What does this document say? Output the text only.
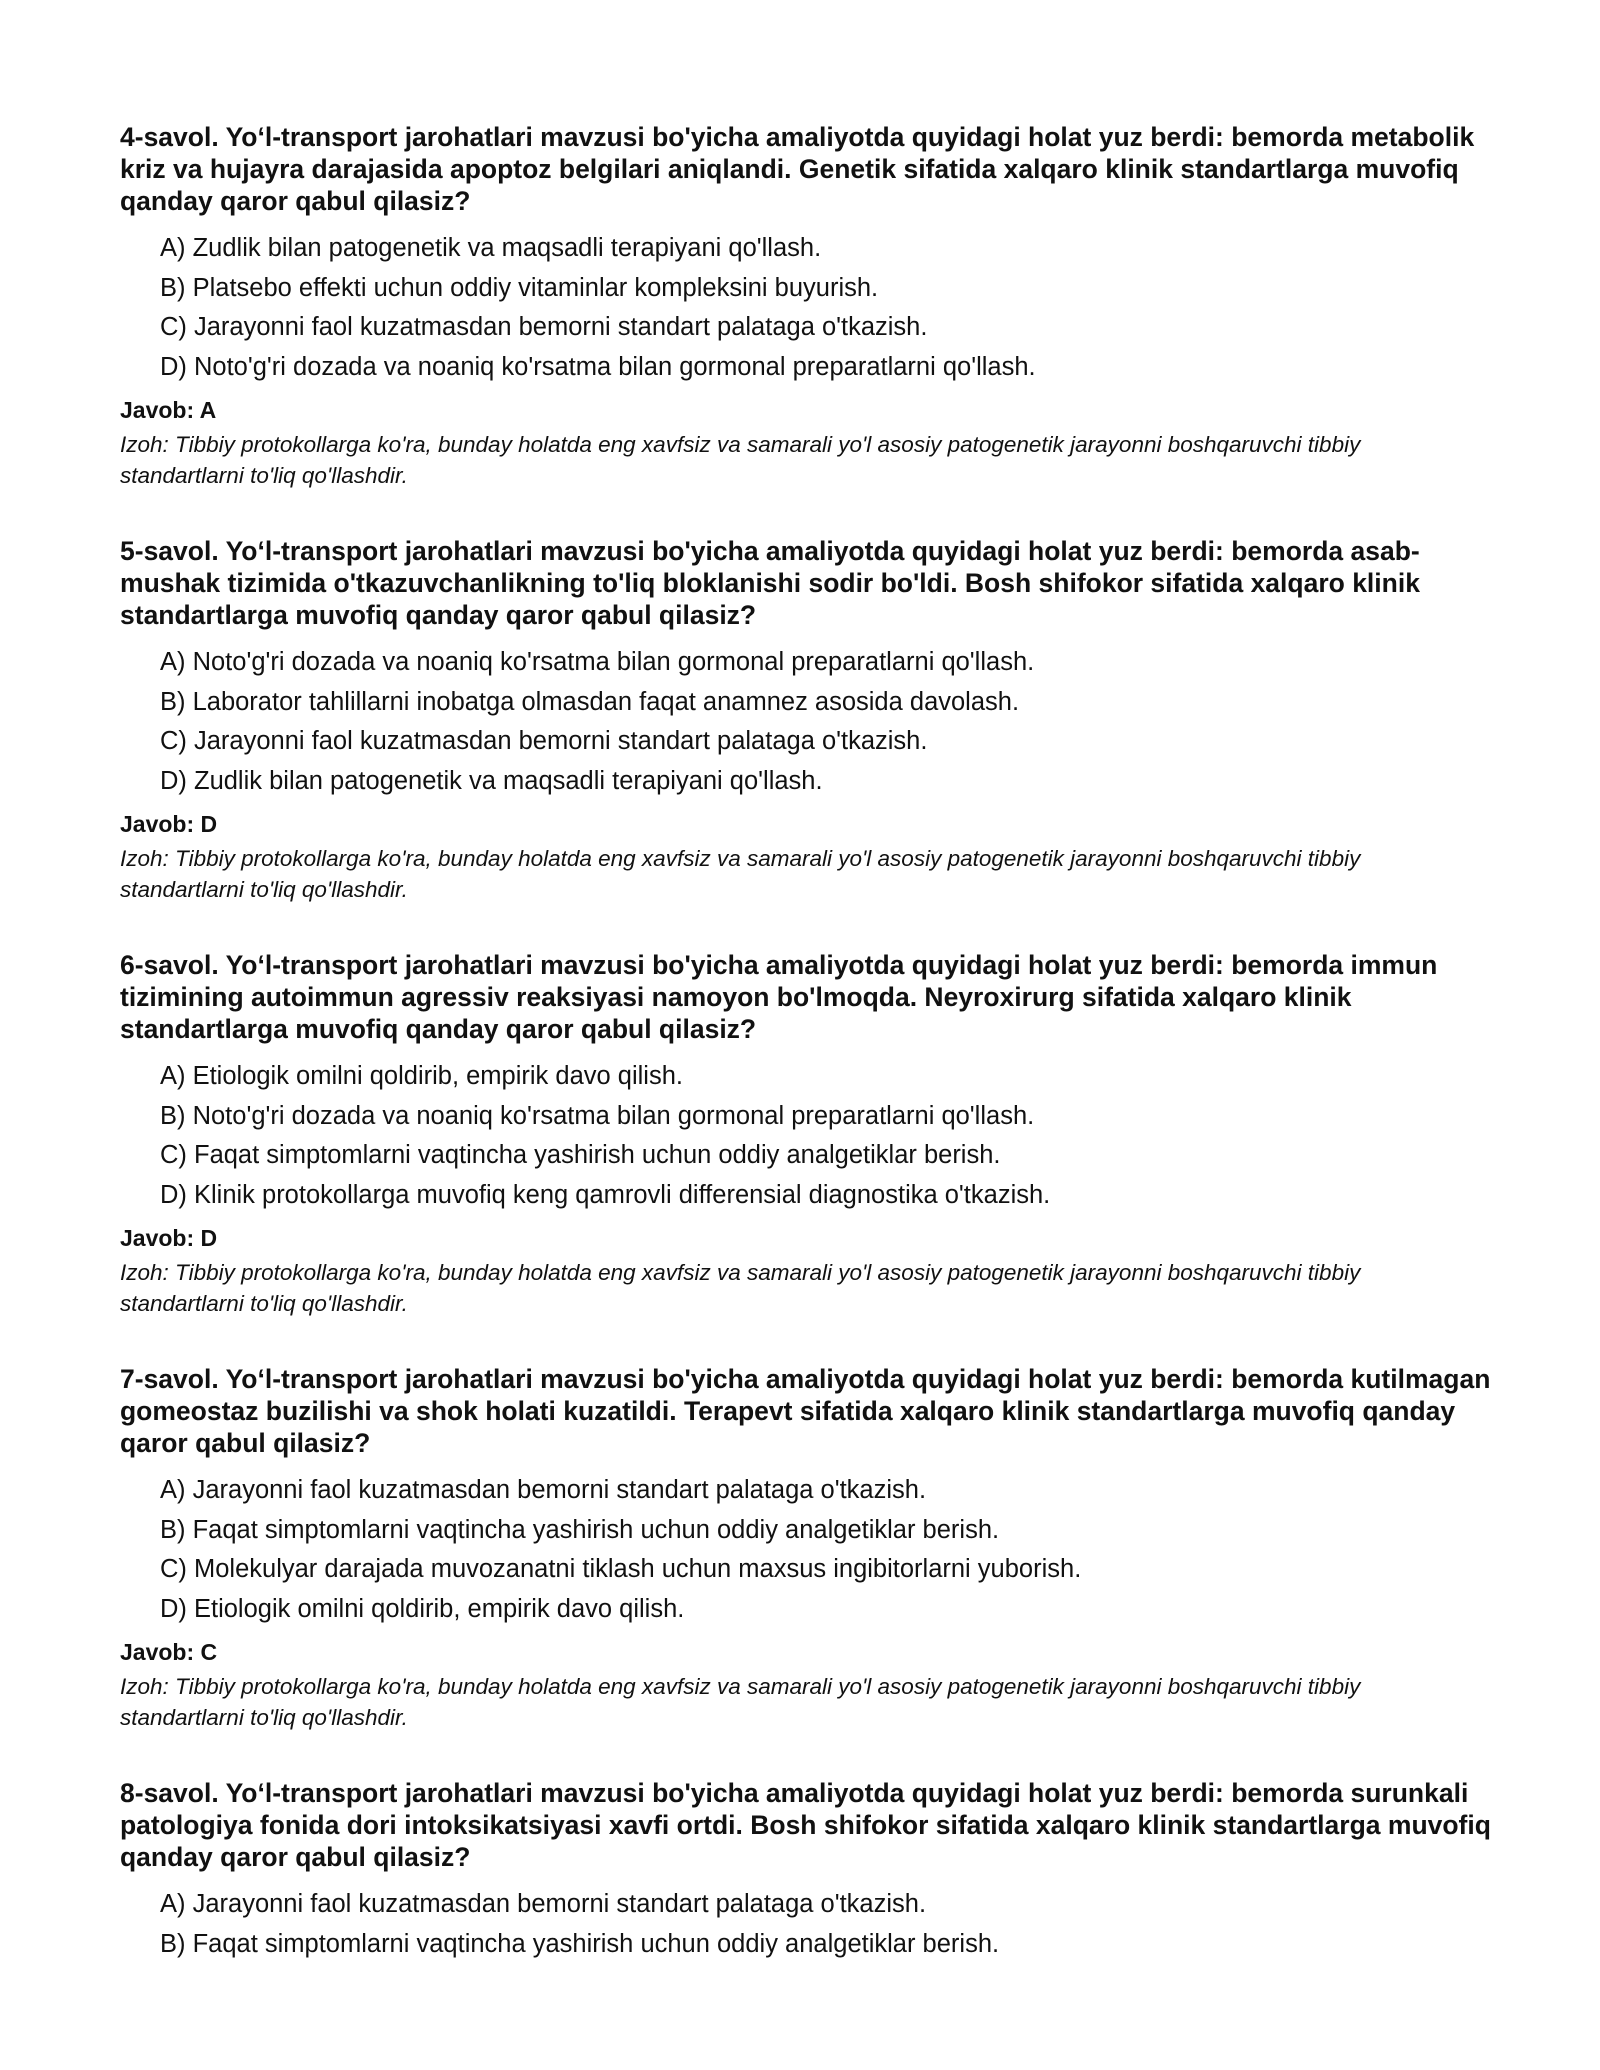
4-savol. Yo‘l-transport jarohatlari mavzusi bo'yicha amaliyotda quyidagi holat yuz berdi: bemorda metabolik kriz va hujayra darajasida apoptoz belgilari aniqlandi. Genetik sifatida xalqaro klinik standartlarga muvofiq qanday qaror qabul qilasiz?

A) Zudlik bilan patogenetik va maqsadli terapiyani qo'llash.
B) Platsebo effekti uchun oddiy vitaminlar kompleksini buyurish.
C) Jarayonni faol kuzatmasdan bemorni standart palataga o'tkazish.
D) Noto'g'ri dozada va noaniq ko'rsatma bilan gormonal preparatlarni qo'llash.
Javob: A
Izoh: Tibbiy protokollarga ko'ra, bunday holatda eng xavfsiz va samarali yo'l asosiy patogenetik jarayonni boshqaruvchi tibbiy standartlarni to'liq qo'llashdir.

5-savol. Yo‘l-transport jarohatlari mavzusi bo'yicha amaliyotda quyidagi holat yuz berdi: bemorda asab-mushak tizimida o'tkazuvchanlikning to'liq bloklanishi sodir bo'ldi. Bosh shifokor sifatida xalqaro klinik standartlarga muvofiq qanday qaror qabul qilasiz?

A) Noto'g'ri dozada va noaniq ko'rsatma bilan gormonal preparatlarni qo'llash.
B) Laborator tahlillarni inobatga olmasdan faqat anamnez asosida davolash.
C) Jarayonni faol kuzatmasdan bemorni standart palataga o'tkazish.
D) Zudlik bilan patogenetik va maqsadli terapiyani qo'llash.
Javob: D
Izoh: Tibbiy protokollarga ko'ra, bunday holatda eng xavfsiz va samarali yo'l asosiy patogenetik jarayonni boshqaruvchi tibbiy standartlarni to'liq qo'llashdir.

6-savol. Yo‘l-transport jarohatlari mavzusi bo'yicha amaliyotda quyidagi holat yuz berdi: bemorda immun tizimining autoimmun agressiv reaksiyasi namoyon bo'lmoqda. Neyroxirurg sifatida xalqaro klinik standartlarga muvofiq qanday qaror qabul qilasiz?

A) Etiologik omilni qoldirib, empirik davo qilish.
B) Noto'g'ri dozada va noaniq ko'rsatma bilan gormonal preparatlarni qo'llash.
C) Faqat simptomlarni vaqtincha yashirish uchun oddiy analgetiklar berish.
D) Klinik protokollarga muvofiq keng qamrovli differensial diagnostika o'tkazish.
Javob: D
Izoh: Tibbiy protokollarga ko'ra, bunday holatda eng xavfsiz va samarali yo'l asosiy patogenetik jarayonni boshqaruvchi tibbiy standartlarni to'liq qo'llashdir.

7-savol. Yo‘l-transport jarohatlari mavzusi bo'yicha amaliyotda quyidagi holat yuz berdi: bemorda kutilmagan gomeostaz buzilishi va shok holati kuzatildi. Terapevt sifatida xalqaro klinik standartlarga muvofiq qanday qaror qabul qilasiz?

A) Jarayonni faol kuzatmasdan bemorni standart palataga o'tkazish.
B) Faqat simptomlarni vaqtincha yashirish uchun oddiy analgetiklar berish.
C) Molekulyar darajada muvozanatni tiklash uchun maxsus ingibitorlarni yuborish.
D) Etiologik omilni qoldirib, empirik davo qilish.
Javob: C
Izoh: Tibbiy protokollarga ko'ra, bunday holatda eng xavfsiz va samarali yo'l asosiy patogenetik jarayonni boshqaruvchi tibbiy standartlarni to'liq qo'llashdir.

8-savol. Yo‘l-transport jarohatlari mavzusi bo'yicha amaliyotda quyidagi holat yuz berdi: bemorda surunkali patologiya fonida dori intoksikatsiyasi xavfi ortdi. Bosh shifokor sifatida xalqaro klinik standartlarga muvofiq qanday qaror qabul qilasiz?

A) Jarayonni faol kuzatmasdan bemorni standart palataga o'tkazish.
B) Faqat simptomlarni vaqtincha yashirish uchun oddiy analgetiklar berish.
